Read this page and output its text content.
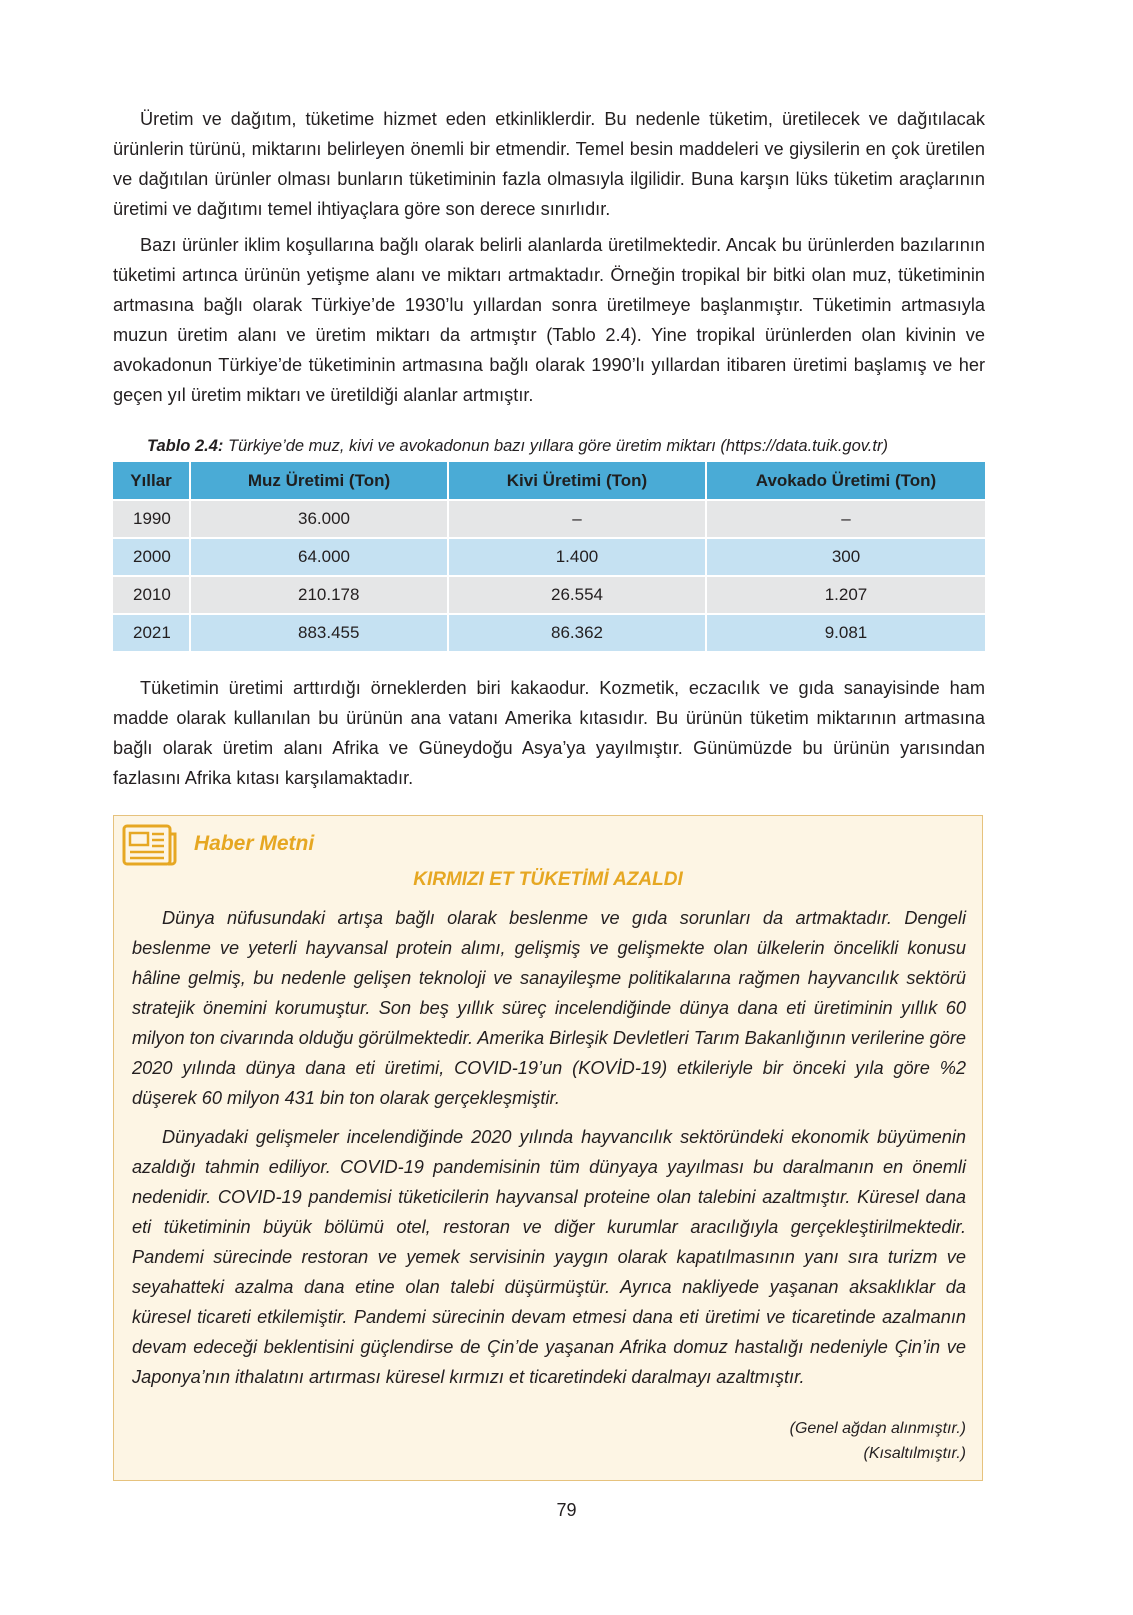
Üretim ve dağıtım, tüketime hizmet eden etkinliklerdir. Bu nedenle tüketim, üretilecek ve dağıtılacak ürünlerin türünü, miktarını belirleyen önemli bir etmendir. Temel besin maddeleri ve giysilerin en çok üretilen ve dağıtılan ürünler olması bunların tüketiminin fazla olmasıyla ilgilidir. Buna karşın lüks tüketim araçlarının üretimi ve dağıtımı temel ihtiyaçlara göre son derece sınırlıdır.

Bazı ürünler iklim koşullarına bağlı olarak belirli alanlarda üretilmektedir. Ancak bu ürünlerden bazılarının tüketimi artınca ürünün yetişme alanı ve miktarı artmaktadır. Örneğin tropikal bir bitki olan muz, tüketiminin artmasına bağlı olarak Türkiye’de 1930’lu yıllardan sonra üretilmeye başlanmıştır. Tüketimin artmasıyla muzun üretim alanı ve üretim miktarı da artmıştır (Tablo 2.4). Yine tropikal ürünlerden olan kivinin ve avokadonun Türkiye’de tüketiminin artmasına bağlı olarak 1990’lı yıllardan itibaren üretimi başlamış ve her geçen yıl üretim miktarı ve üretildiği alanlar artmıştır.

Tablo 2.4: Türkiye’de muz, kivi ve avokadonun bazı yıllara göre üretim miktarı (https://data.tuik.gov.tr)
Yıllar	Muz Üretimi (Ton)	Kivi Üretimi (Ton)	Avokado Üretimi (Ton)
1990	36.000	–	–
2000	64.000	1.400	300
2010	210.178	26.554	1.207
2021	883.455	86.362	9.081

Tüketimin üretimi arttırdığı örneklerden biri kakaodur. Kozmetik, eczacılık ve gıda sanayisinde ham madde olarak kullanılan bu ürünün ana vatanı Amerika kıtasıdır. Bu ürünün tüketim miktarının artmasına bağlı olarak üretim alanı Afrika ve Güneydoğu Asya’ya yayılmıştır. Günümüzde bu ürünün yarısından fazlasını Afrika kıtası karşılamaktadır.

Haber Metni
KIRMIZI ET TÜKETİMİ AZALDI

Dünya nüfusundaki artışa bağlı olarak beslenme ve gıda sorunları da artmaktadır. Dengeli beslenme ve yeterli hayvansal protein alımı, gelişmiş ve gelişmekte olan ülkelerin öncelikli konusu hâline gelmiş, bu nedenle gelişen teknoloji ve sanayileşme politikalarına rağmen hayvancılık sektörü stratejik önemini korumuştur. Son beş yıllık süreç incelendiğinde dünya dana eti üretiminin yıllık 60 milyon ton civarında olduğu görülmektedir. Amerika Birleşik Devletleri Tarım Bakanlığının verilerine göre 2020 yılında dünya dana eti üretimi, COVID-19’un (KOVİD-19) etkileriyle bir önceki yıla göre %2 düşerek 60 milyon 431 bin ton olarak gerçekleşmiştir.

Dünyadaki gelişmeler incelendiğinde 2020 yılında hayvancılık sektöründeki ekonomik büyümenin azaldığı tahmin ediliyor. COVID-19 pandemisinin tüm dünyaya yayılması bu daralmanın en önemli nedenidir. COVID-19 pandemisi tüketicilerin hayvansal proteine olan talebini azaltmıştır. Küresel dana eti tüketiminin büyük bölümü otel, restoran ve diğer kurumlar aracılığıyla gerçekleştirilmektedir. Pandemi sürecinde restoran ve yemek servisinin yaygın olarak kapatılmasının yanı sıra turizm ve seyahatteki azalma dana etine olan talebi düşürmüştür. Ayrıca nakliyede yaşanan aksaklıklar da küresel ticareti etkilemiştir. Pandemi sürecinin devam etmesi dana eti üretimi ve ticaretinde azalmanın devam edeceği beklentisini güçlendirse de Çin’de yaşanan Afrika domuz hastalığı nedeniyle Çin’in ve Japonya’nın ithalatını artırması küresel kırmızı et ticaretindeki daralmayı azaltmıştır.

(Genel ağdan alınmıştır.)
(Kısaltılmıştır.)
79
